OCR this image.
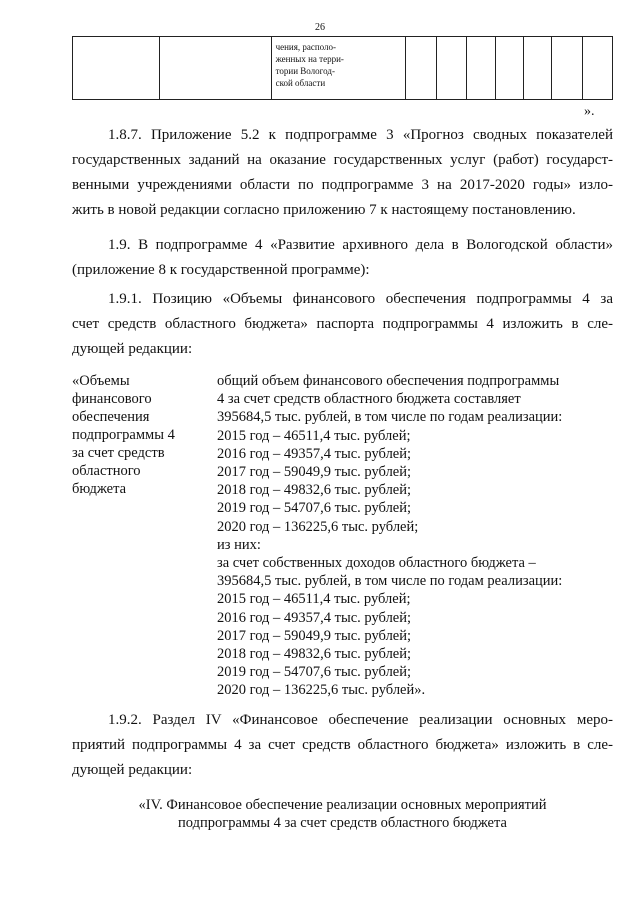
26

чения, располо-
женных на терри-
тории Вологод-
ской области

».
1.8.7. Приложение 5.2 к подпрограмме 3 «Прогноз сводных показателей
государственных заданий на оказание государственных услуг (работ) государст-
венными учреждениями области по подпрограмме 3 на 2017-2020 годы» изло-
жить в новой редакции согласно приложению 7 к настоящему постановлению.
1.9. В подпрограмме 4 «Развитие архивного дела в Вологодской области»
(приложение 8 к государственной программе):
1.9.1. Позицию «Объемы финансового обеспечения подпрограммы 4 за
счет средств областного бюджета» паспорта подпрограммы 4 изложить в сле-
дующей редакции:
«Объемы
финансового
обеспечения
подпрограммы 4
за счет средств
областного
бюджета
общий объем финансового обеспечения подпрограммы
4 за счет средств областного бюджета составляет
395684,5 тыс. рублей, в том числе по годам реализации:
2015 год – 46511,4 тыс. рублей;
2016 год – 49357,4 тыс. рублей;
2017 год – 59049,9 тыс. рублей;
2018 год – 49832,6 тыс. рублей;
2019 год – 54707,6 тыс. рублей;
2020 год – 136225,6 тыс. рублей;
из них:
за счет собственных доходов областного бюджета –
395684,5 тыс. рублей, в том числе по годам реализации:
2015 год – 46511,4 тыс. рублей;
2016 год – 49357,4 тыс. рублей;
2017 год – 59049,9 тыс. рублей;
2018 год – 49832,6 тыс. рублей;
2019 год – 54707,6 тыс. рублей;
2020 год – 136225,6 тыс. рублей».
1.9.2. Раздел IV «Финансовое обеспечение реализации основных меро-
приятий подпрограммы 4 за счет средств областного бюджета» изложить в сле-
дующей редакции:
«IV. Финансовое обеспечение реализации основных мероприятий
подпрограммы 4 за счет средств областного бюджета
